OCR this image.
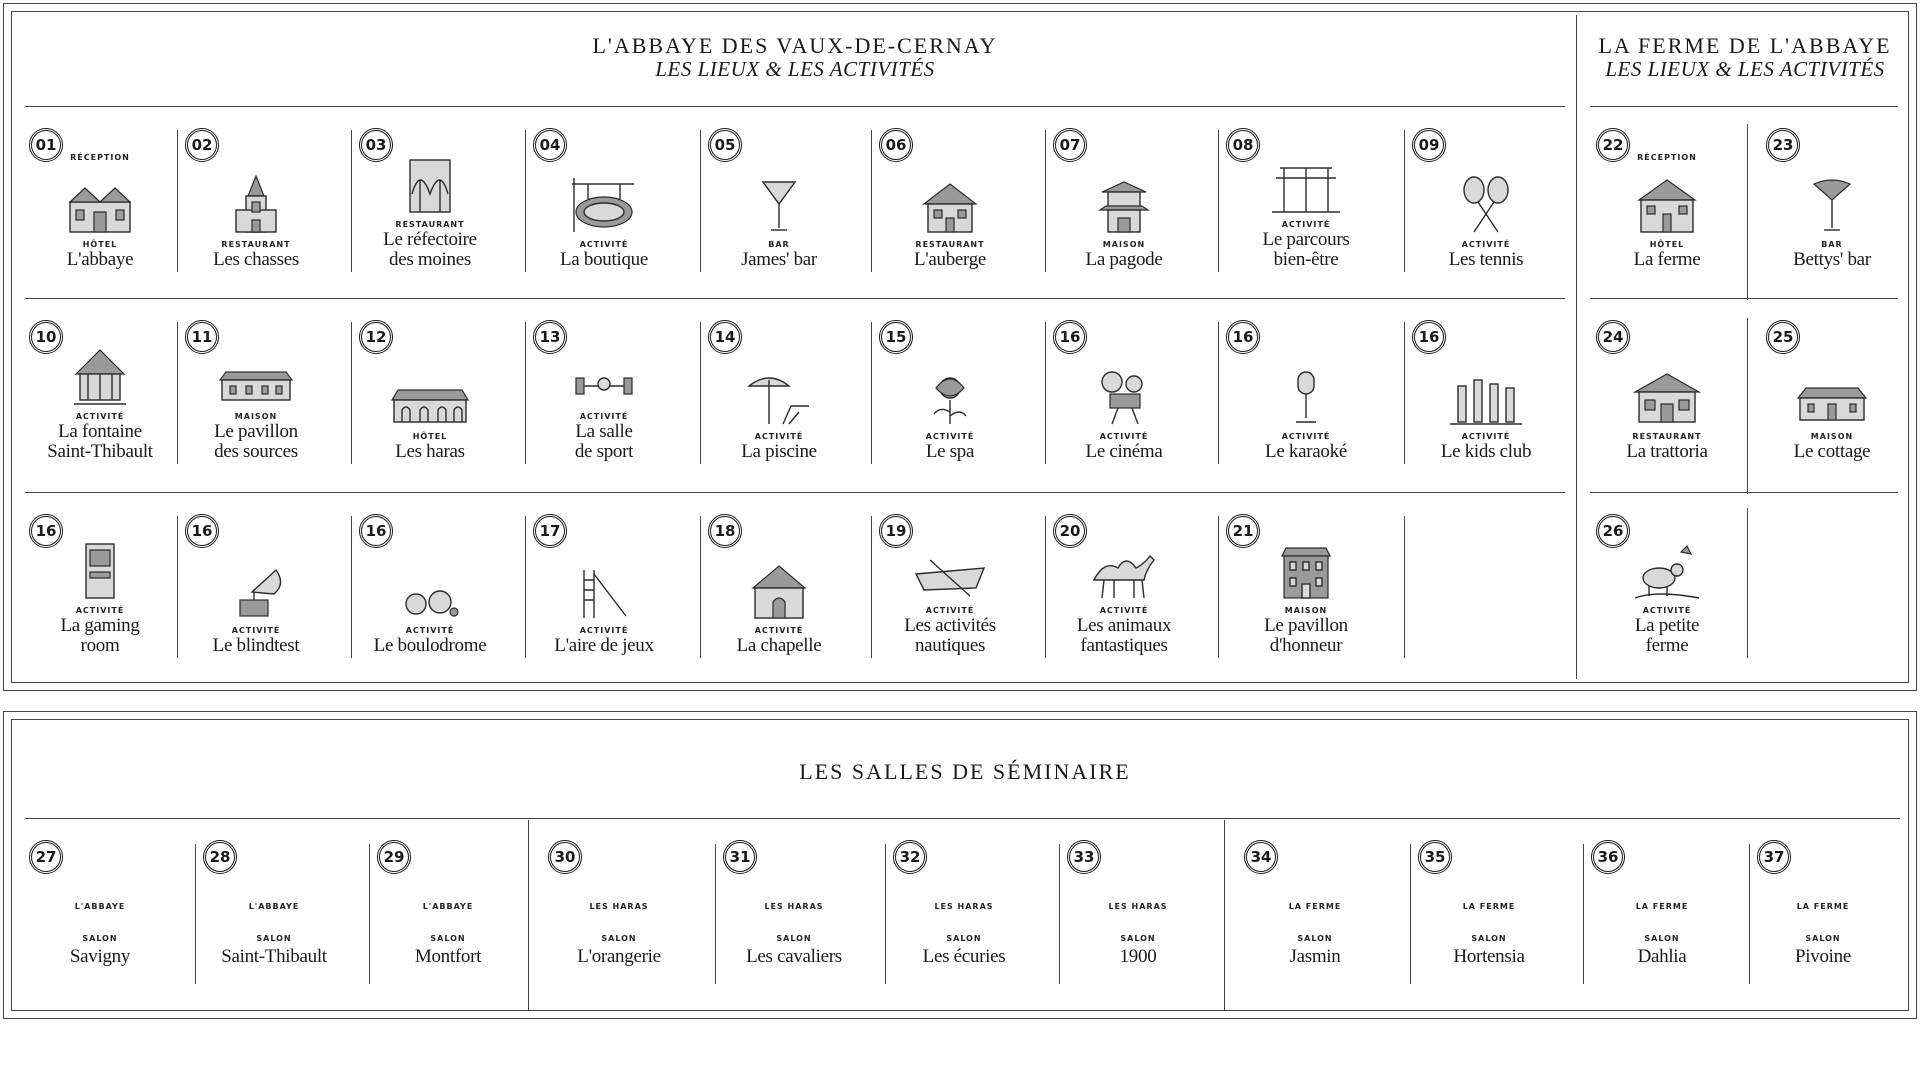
L'ABBAYE DES VAUX-DE-CERNAY
LES LIEUX & LES ACTIVITÉS
LA FERME DE L'ABBAYE
LES LIEUX & LES ACTIVITÉS
LES SALLES DE SÉMINAIRE
01
RÉCEPTION
HÔTEL
L'abbaye
02
RESTAURANT
Les chasses
03
RESTAURANT
Le réfectoire
des moines
04
ACTIVITÉ
La boutique
05
BAR
James' bar
06
RESTAURANT
L'auberge
07
MAISON
La pagode
08
ACTIVITÉ
Le parcours
bien-être
09
ACTIVITÉ
Les tennis
10
ACTIVITÉ
La fontaine
Saint-Thibault
11
MAISON
Le pavillon
des sources
12
HÔTEL
Les haras
13
ACTIVITÉ
La salle
de sport
14
ACTIVITÉ
La piscine
15
ACTIVITÉ
Le spa
16
ACTIVITÉ
Le cinéma
16
ACTIVITÉ
Le karaoké
16
ACTIVITÉ
Le kids club
16
ACTIVITÉ
La gaming
room
16
ACTIVITÉ
Le blindtest
16
ACTIVITÉ
Le boulodrome
17
ACTIVITÉ
L'aire de jeux
18
ACTIVITÉ
La chapelle
19
ACTIVITÉ
Les activités
nautiques
20
ACTIVITÉ
Les animaux
fantastiques
21
MAISON
Le pavillon
d'honneur
22
RÉCEPTION
HÔTEL
La ferme
23
BAR
Bettys' bar
24
RESTAURANT
La trattoria
25
MAISON
Le cottage
26
ACTIVITÉ
La petite
ferme
27
L'ABBAYE
SALON
Savigny
28
L'ABBAYE
SALON
Saint-Thibault
29
L'ABBAYE
SALON
Montfort
30
LES HARAS
SALON
L'orangerie
31
LES HARAS
SALON
Les cavaliers
32
LES HARAS
SALON
Les écuries
33
LES HARAS
SALON
1900
34
LA FERME
SALON
Jasmin
35
LA FERME
SALON
Hortensia
36
LA FERME
SALON
Dahlia
37
LA FERME
SALON
Pivoine
